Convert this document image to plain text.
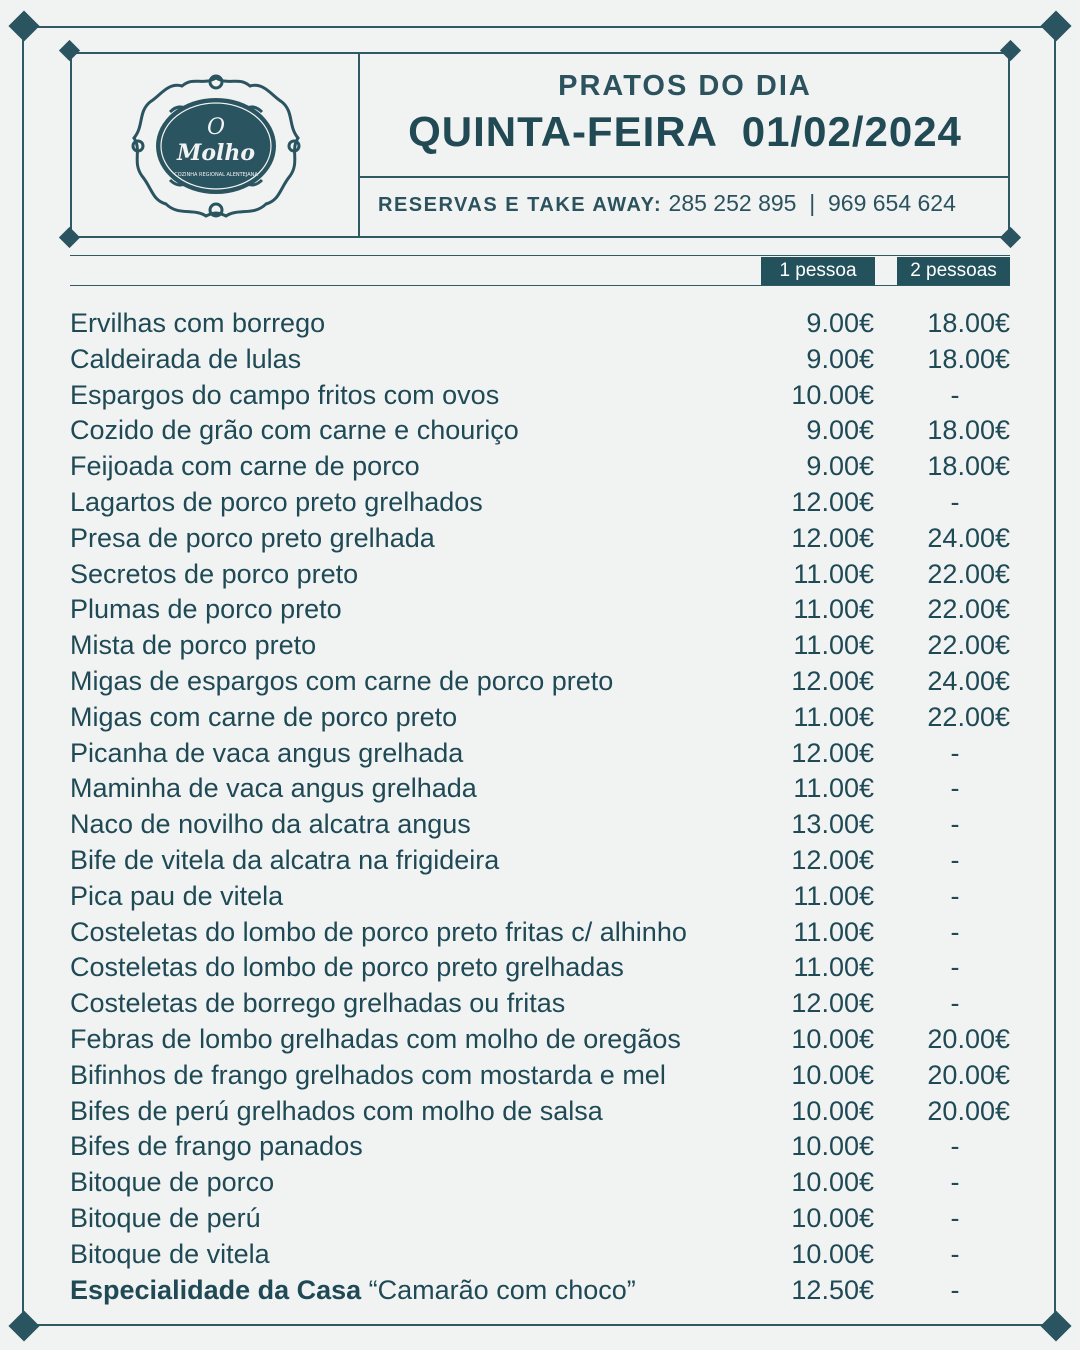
O
Molho
COZINHA REGIONAL ALENTEJANA
PRATOS DO DIA
QUINTA-FEIRA  01/02/2024
RESERVAS E TAKE AWAY: 285 252 895  |  969 654 624
1 pessoa	2 pessoas
Ervilhas com borrego	9.00€ 18.00€
Caldeirada de lulas	9.00€ 18.00€
Espargos do campo fritos com ovos	10.00€	-
Cozido de grão com carne e chouriço	9.00€ 18.00€
Feijoada com carne de porco	9.00€ 18.00€
Lagartos de porco preto grelhados	12.00€	-
Presa de porco preto grelhada	12.00€ 24.00€
Secretos de porco preto	11.00€ 22.00€
Plumas de porco preto	11.00€ 22.00€
Mista de porco preto	11.00€ 22.00€
Migas de espargos com carne de porco preto	12.00€ 24.00€
Migas com carne de porco preto	11.00€ 22.00€
Picanha de vaca angus grelhada	12.00€	-
Maminha de vaca angus grelhada	11.00€	-
Naco de novilho da alcatra angus	13.00€	-
Bife de vitela da alcatra na frigideira	12.00€	-
Pica pau de vitela	11.00€	-
Costeletas do lombo de porco preto fritas c/ alhinho	11.00€	-
Costeletas do lombo de porco preto grelhadas	11.00€	-
Costeletas de borrego grelhadas ou fritas	12.00€	-
Febras de lombo grelhadas com molho de oregãos	10.00€ 20.00€
Bifinhos de frango grelhados com mostarda e mel	10.00€ 20.00€
Bifes de perú grelhados com molho de salsa	10.00€ 20.00€
Bifes de frango panados	10.00€	-
Bitoque de porco	10.00€	-
Bitoque de perú	10.00€	-
Bitoque de vitela	10.00€	-
Especialidade da Casa “Camarão com choco”	12.50€	-
